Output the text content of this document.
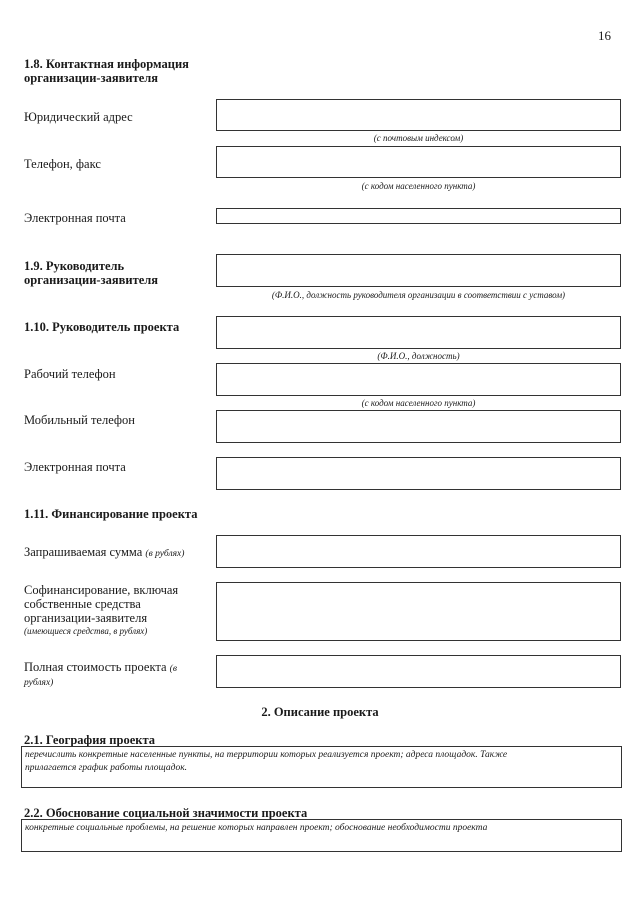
16
1.8. Контактная информация
организации-заявителя
Юридический адрес
(с почтовым индексом)
Телефон, факс
(с кодом населенного пункта)
Электронная почта
1.9. Руководитель
организации-заявителя
(Ф.И.О., должность руководителя организации в соответствии с уставом)
1.10. Руководитель проекта
(Ф.И.О., должность)
Рабочий телефон
(с кодом населенного пункта)
Мобильный телефон
Электронная почта
1.11. Финансирование проекта
Запрашиваемая сумма (в рублях)
Софинансирование, включая
собственные средства
организации-заявителя
(имеющиеся средства, в рублях)
Полная стоимость проекта (в
рублях)
2. Описание проекта
2.1. География проекта
перечислить конкретные населенные пункты, на территории которых реализуется проект; адреса площадок. Также
прилагается график работы площадок.
2.2. Обоснование социальной значимости проекта
конкретные социальные проблемы, на решение которых направлен проект; обоснование необходимости проекта
